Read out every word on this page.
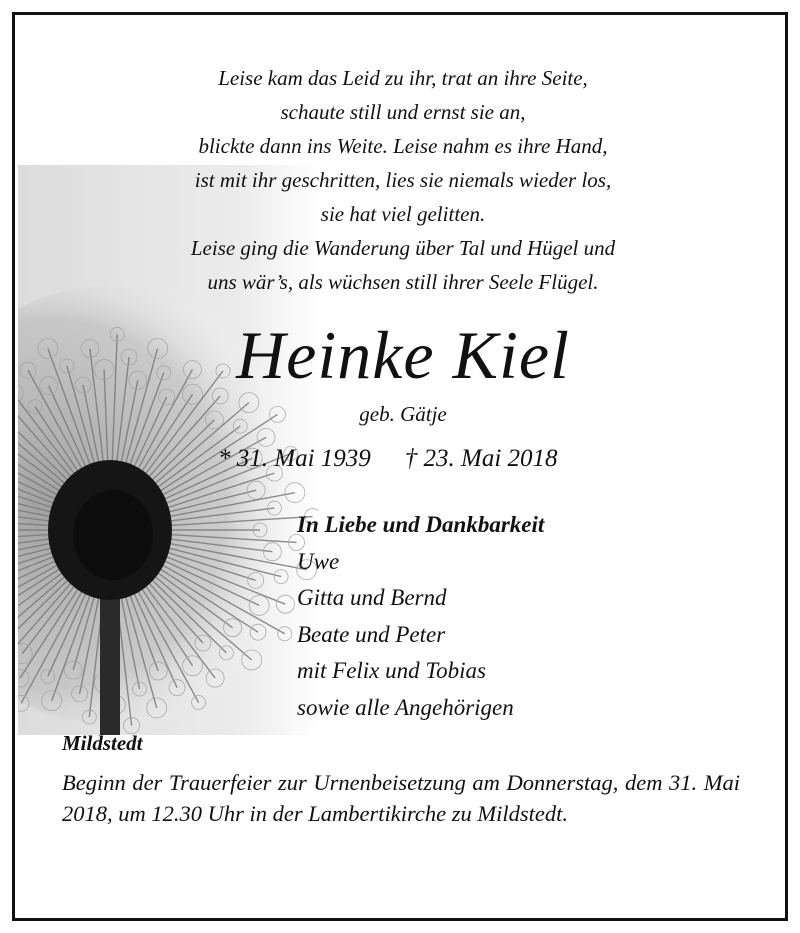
Leise kam das Leid zu ihr, trat an ihre Seite,
schaute still und ernst sie an,
blickte dann ins Weite. Leise nahm es ihre Hand,
ist mit ihr geschritten, lies sie niemals wieder los,
sie hat viel gelitten.
Leise ging die Wanderung über Tal und Hügel und
uns wär’s, als wüchsen still ihrer Seele Flügel.
Heinke Kiel
geb. Gätje
* 31. Mai 1939 † 23. Mai 2018
In Liebe und Dankbarkeit
Uwe
Gitta und Bernd
Beate und Peter
mit Felix und Tobias
sowie alle Angehörigen
Mildstedt
Beginn der Trauerfeier zur Urnenbeisetzung am Donnerstag, dem 31. Mai 2018, um 12.30 Uhr in der Lambertikirche zu Mildstedt.
